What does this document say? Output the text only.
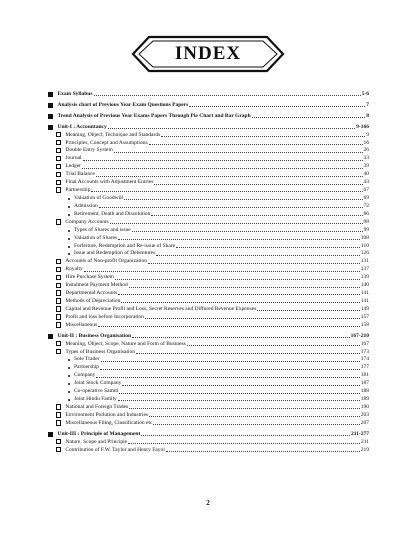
INDEX
Exam Syllabus	5-6
Analysis chart of Previous Year Exam Questions Papers	7
Trend Analysis of Previous Year Exams Papers Through Pie Chart and Bar Graph	8
Unit-I : Accountancy	9-166
Meaning, Object, Technique and Standards	9
Principles, Concept and Assumptions	16
Double Entry System	26
Journal	33
Ledger	39
Trial Balance	40
Final Accounts with Adjustment Entries	43
Partnership	67
Valuation of Goodwill	69
Admission	72
Retirement, Death and Dissolution	86
Company Accounts	98
Types of Shares and issue	99
Valuation of Shares	108
Forfeiture, Redemption and Re-issue of Share	110
Issue and Redemption of Debentures	126
Accounts of Non-profit Organization	131
Royalty	137
Hire Purchase System	139
Instalment Payment Method	140
Departmental Accounts	141
Methods of Depreciation	141
Capital and Revenue Profit and Loss, Secret Reserves and Diffured Revenue Expenses	149
Profit and loss before Incorporation	157
Miscellaneous	158
Unit-II : Business Organisation	167-210
Meaning, Object, Scope, Nature and Form of Business	167
Types of Business Organisation	173
Sole Trader	174
Partnership	177
Company	181
Joint Stock Company	187
Co-operative Samiti	188
Joint Hindu Family	189
National and Foreign Trades	190
Environment Pollution and Industries	203
Miscellaneous Filing, Classification etc	207
Unit-III : Principle of Management	211-277
Nature, Scope and Principle	211
Contribution of F.W. Taylor and Henry Fayol	219
2
